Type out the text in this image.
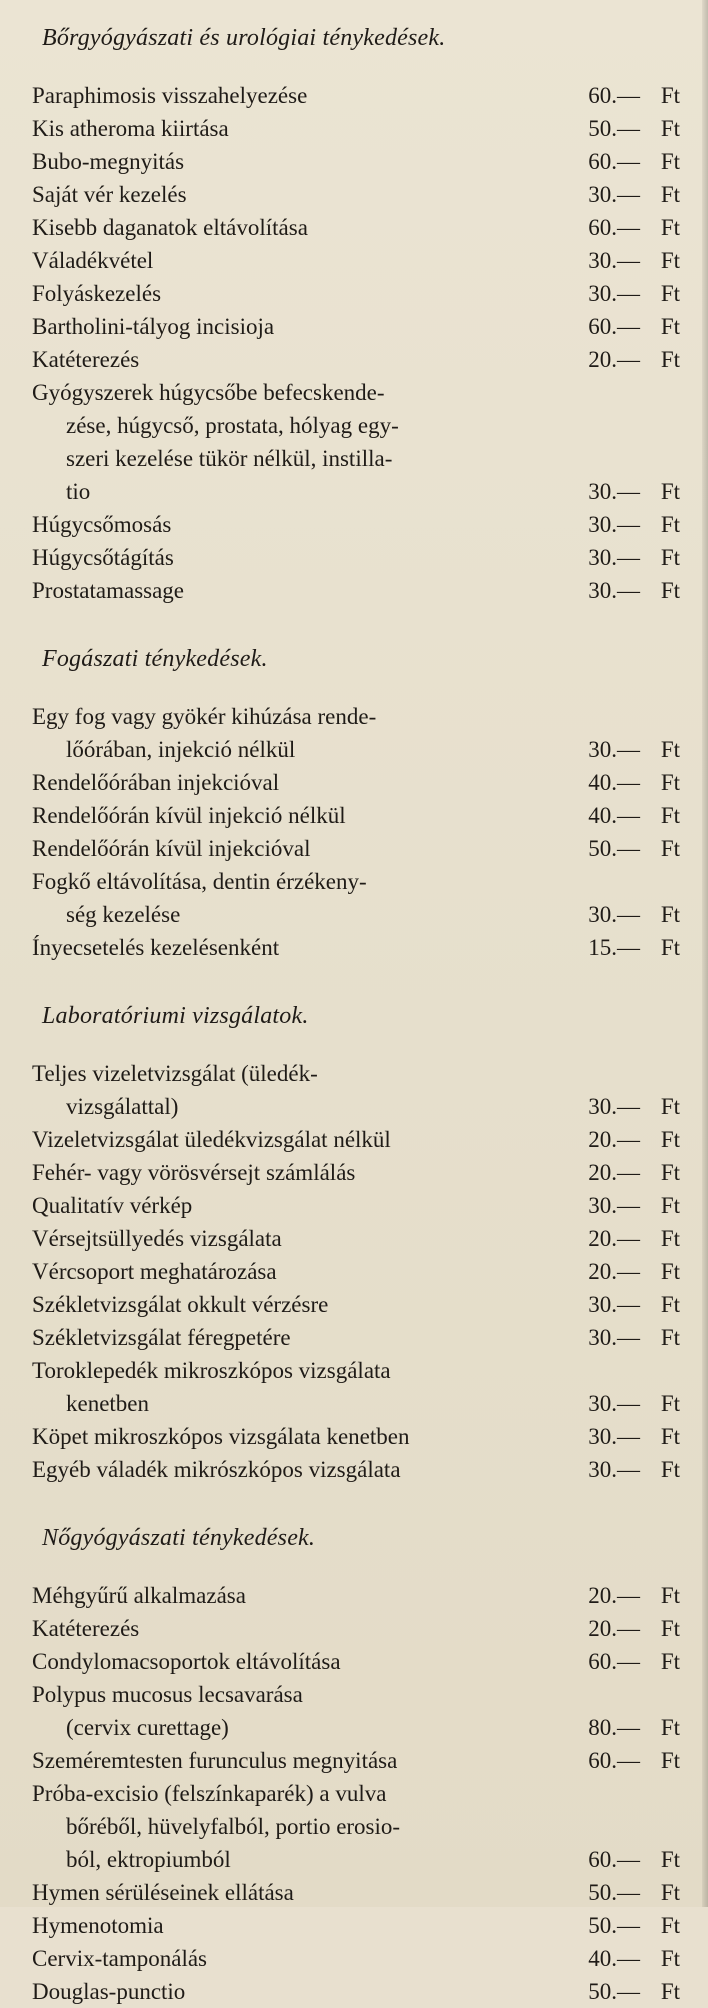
Bőrgyógyászati és urológiai ténykedések.
Paraphimosis visszahelyezése	60.— Ft
Kis atheroma kiirtása	50.— Ft
Bubo-megnyitás	60.— Ft
Saját vér kezelés	30.— Ft
Kisebb daganatok eltávolítása	60.— Ft
Váladékvétel	30.— Ft
Folyáskezelés	30.— Ft
Bartholini-tályog incisioja	60.— Ft
Katéterezés	20.— Ft
Gyógyszerek húgycsőbe befecskende-
zése, húgycső, prostata, hólyag egy-
szeri kezelése tükör nélkül, instilla-
tio	30.— Ft
Húgycsőmosás	30.— Ft
Húgycsőtágítás	30.— Ft
Prostatamassage	30.— Ft
Fogászati ténykedések.
Egy fog vagy gyökér kihúzása rende-
lőórában, injekció nélkül	30.— Ft
Rendelőórában injekcióval	40.— Ft
Rendelőórán kívül injekció nélkül	40.— Ft
Rendelőórán kívül injekcióval	50.— Ft
Fogkő eltávolítása, dentin érzékeny-
ség kezelése	30.— Ft
Ínyecsetelés kezelésenként	15.— Ft
Laboratóriumi vizsgálatok.
Teljes vizeletvizsgálat (üledék-
vizsgálattal)	30.— Ft
Vizeletvizsgálat üledékvizsgálat nélkül	20.— Ft
Fehér- vagy vörösvérsejt számlálás	20.— Ft
Qualitatív vérkép	30.— Ft
Vérsejtsüllyedés vizsgálata	20.— Ft
Vércsoport meghatározása	20.— Ft
Székletvizsgálat okkult vérzésre	30.— Ft
Székletvizsgálat féregpetére	30.— Ft
Toroklepedék mikroszkópos vizsgálata
kenetben	30.— Ft
Köpet mikroszkópos vizsgálata kenetben	30.— Ft
Egyéb váladék mikrószkópos vizsgálata	30.— Ft
Nőgyógyászati ténykedések.
Méhgyűrű alkalmazása	20.— Ft
Katéterezés	20.— Ft
Condylomacsoportok eltávolítása	60.— Ft
Polypus mucosus lecsavarása
(cervix curettage)	80.— Ft
Szeméremtesten furunculus megnyitása	60.— Ft
Próba-excisio (felszínkaparék) a vulva
bőréből, hüvelyfalból, portio erosio-
ból, ektropiumból	60.— Ft
Hymen sérüléseinek ellátása	50.— Ft
Hymenotomia	50.— Ft
Cervix-tamponálás	40.— Ft
Douglas-punctio	50.— Ft
